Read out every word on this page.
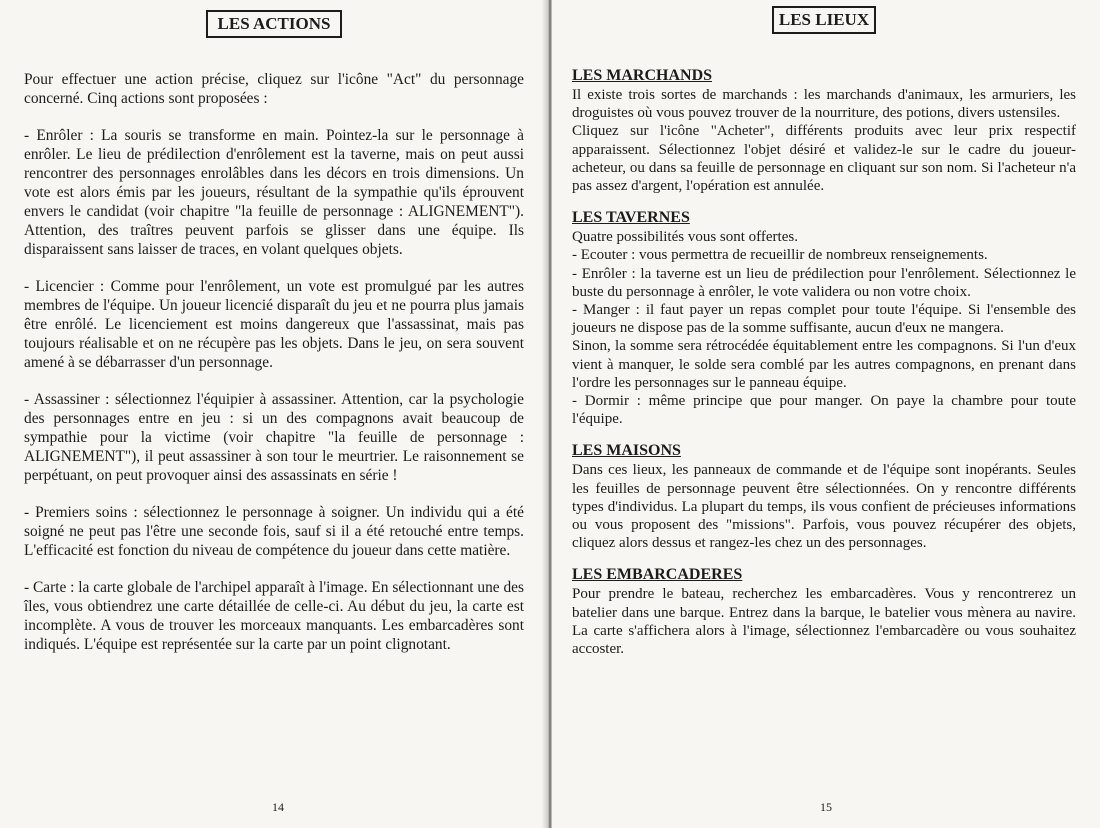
LES ACTIONS

Pour effectuer une action précise, cliquez sur l'icône "Act" du personnage concerné. Cinq actions sont proposées :

- Enrôler : La souris se transforme en main. Pointez-la sur le personnage à enrôler. Le lieu de prédilection d'enrôlement est la taverne, mais on peut aussi rencontrer des personnages enrolâbles dans les décors en trois dimensions. Un vote est alors émis par les joueurs, résultant de la sympathie qu'ils éprouvent envers le candidat (voir chapitre "la feuille de personnage : ALIGNEMENT"). Attention, des traîtres peuvent parfois se glisser dans une équipe. Ils disparaissent sans laisser de traces, en volant quelques objets.

- Licencier : Comme pour l'enrôlement, un vote est promulgué par les autres membres de l'équipe. Un joueur licencié disparaît du jeu et ne pourra plus jamais être enrôlé. Le licenciement est moins dangereux que l'assassinat, mais pas toujours réalisable et on ne récupère pas les objets. Dans le jeu, on sera souvent amené à se débarrasser d'un personnage.

- Assassiner : sélectionnez l'équipier à assassiner. Attention, car la psychologie des personnages entre en jeu : si un des compagnons avait beaucoup de sympathie pour la victime (voir chapitre "la feuille de personnage : ALIGNEMENT"), il peut assassiner à son tour le meurtrier. Le raisonnement se perpétuant, on peut provoquer ainsi des assassinats en série !

- Premiers soins : sélectionnez le personnage à soigner. Un individu qui a été soigné ne peut pas l'être une seconde fois, sauf si il a été retouché entre temps. L'efficacité est fonction du niveau de compétence du joueur dans cette matière.

- Carte : la carte globale de l'archipel apparaît à l'image. En sélectionnant une des îles, vous obtiendrez une carte détaillée de celle-ci. Au début du jeu, la carte est incomplète. A vous de trouver les morceaux manquants. Les embarcadères sont indiqués. L'équipe est représentée sur la carte par un point clignotant.

14
LES LIEUX
LES MARCHANDS

Il existe trois sortes de marchands : les marchands d'animaux, les armuriers, les droguistes où vous pouvez trouver de la nourriture, des potions, divers ustensiles.

Cliquez sur l'icône "Acheter", différents produits avec leur prix respectif apparaissent. Sélectionnez l'objet désiré et validez-le sur le cadre du joueur-acheteur, ou dans sa feuille de personnage en cliquant sur son nom. Si l'acheteur n'a pas assez d'argent, l'opération est annulée.

LES TAVERNES

Quatre possibilités vous sont offertes.

- Ecouter : vous permettra de recueillir de nombreux renseignements.

- Enrôler : la taverne est un lieu de prédilection pour l'enrôlement. Sélectionnez le buste du personnage à enrôler, le vote validera ou non votre choix.

- Manger : il faut payer un repas complet pour toute l'équipe. Si l'ensemble des joueurs ne dispose pas de la somme suffisante, aucun d'eux ne mangera.

Sinon, la somme sera rétrocédée équitablement entre les compagnons. Si l'un d'eux vient à manquer, le solde sera comblé par les autres compagnons, en prenant dans l'ordre les personnages sur le panneau équipe.

- Dormir : même principe que pour manger. On paye la chambre pour toute l'équipe.

LES MAISONS

Dans ces lieux, les panneaux de commande et de l'équipe sont inopérants. Seules les feuilles de personnage peuvent être sélectionnées. On y rencontre différents types d'individus. La plupart du temps, ils vous confient de précieuses informations ou vous proposent des "missions". Parfois, vous pouvez récupérer des objets, cliquez alors dessus et rangez-les chez un des personnages.

LES EMBARCADERES

Pour prendre le bateau, recherchez les embarcadères. Vous y rencontrerez un batelier dans une barque. Entrez dans la barque, le batelier vous mènera au navire. La carte s'affichera alors à l'image, sélectionnez l'embarcadère ou vous souhaitez accoster.

15
